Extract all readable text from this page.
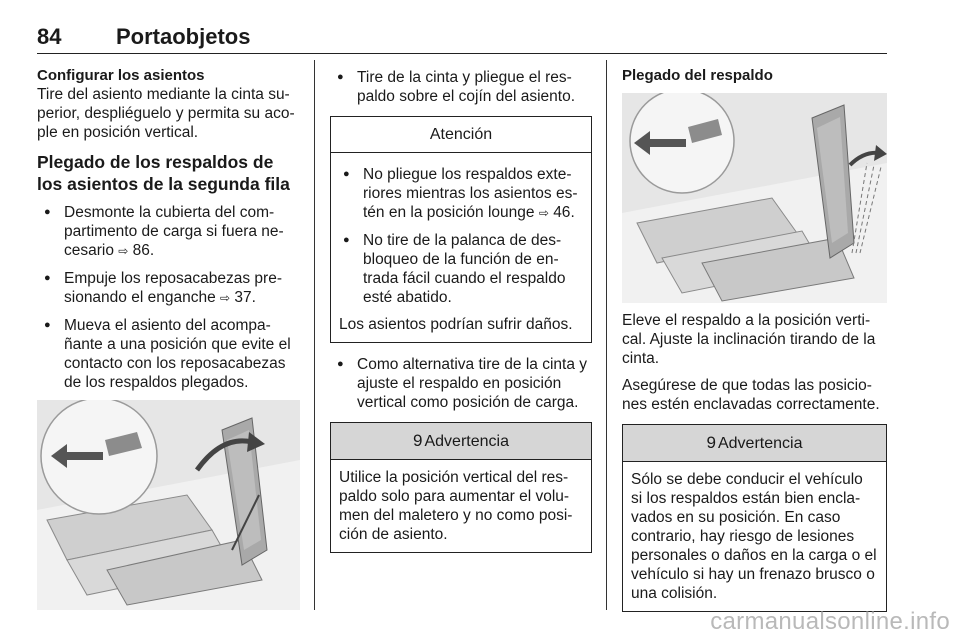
84 Portaobjetos
Configurar los asientos

Tire del asiento mediante la cinta su-perior, despliéguelo y permita su aco-ple en posición vertical.

Plegado de los respaldos de los asientos de la segunda fila
● Desmonte la cubierta del com-partimento de carga si fuera ne-cesario ⇨ 86.
● Empuje los reposacabezas pre-sionando el enganche ⇨ 37.
● Mueva el asiento del acompa-ñante a una posición que evite el contacto con los reposacabezas de los respaldos plegados.
● Tire de la cinta y pliegue el res-paldo sobre el cojín del asiento.
Atención
● No pliegue los respaldos exte-riores mientras los asientos es-tén en la posición lounge ⇨ 46.
● No tire de la palanca de des-bloqueo de la función de en-trada fácil cuando el respaldo esté abatido.

Los asientos podrían sufrir daños.

● Como alternativa tire de la cinta y ajuste el respaldo en posición vertical como posición de carga.
9 Advertencia

Utilice la posición vertical del res-paldo solo para aumentar el volu-men del maletero y no como posi-ción de asiento.

Plegado del respaldo

Eleve el respaldo a la posición verti-cal. Ajuste la inclinación tirando de la cinta.

Asegúrese de que todas las posicio-nes estén enclavadas correctamente.

9 Advertencia

Sólo se debe conducir el vehículo si los respaldos están bien encla-vados en su posición. En caso contrario, hay riesgo de lesiones personales o daños en la carga o el vehículo si hay un frenazo brusco o una colisión.

carmanualsonline.info
